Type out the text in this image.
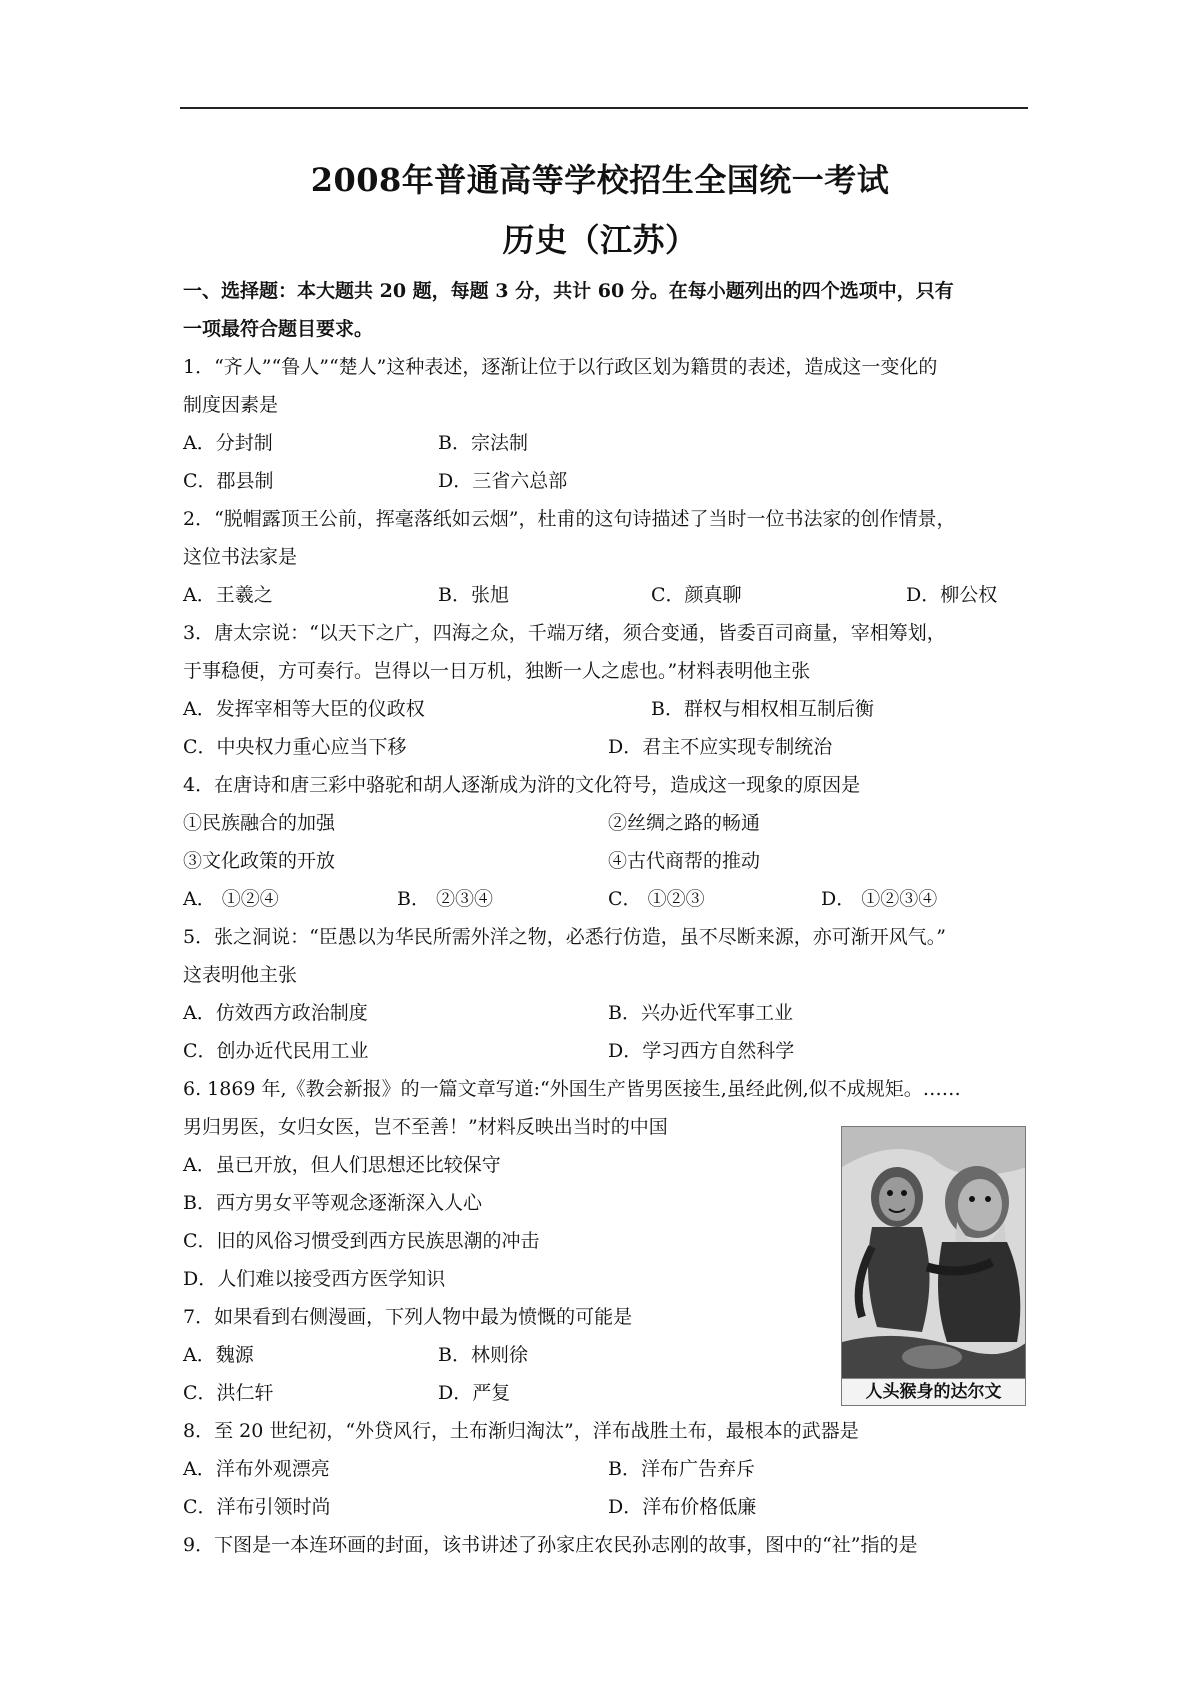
2008年普通高等学校招生全国统一考试
历史（江苏）
一、选择题：本大题共 20 题，每题 3 分，共计 60 分。在每小题列出的四个选项中，只有
一项最符合题目要求。
1．“齐人”“鲁人”“楚人”这种表述，逐渐让位于以行政区划为籍贯的表述，造成这一变化的
制度因素是
A．分封制	B．宗法制
C．郡县制	D．三省六总部
2．“脱帽露顶王公前，挥毫落纸如云烟”，杜甫的这句诗描述了当时一位书法家的创作情景，
这位书法家是
A．王羲之	B．张旭	C．颜真聊	D．柳公权
3．唐太宗说：“以天下之广，四海之众，千端万绪，须合变通，皆委百司商量，宰相筹划，
于事稳便，方可奏行。岂得以一日万机，独断一人之虑也。”材料表明他主张
A．发挥宰相等大臣的仪政权	B．群权与相权相互制后衡
C．中央权力重心应当下移	D．君主不应实现专制统治
4．在唐诗和唐三彩中骆驼和胡人逐渐成为浒的文化符号，造成这一现象的原因是
①民族融合的加强	②丝绸之路的畅通
③文化政策的开放	④古代商帮的推动
A． ①②④	B． ②③④	C． ①②③	D． ①②③④
5．张之洞说：“臣愚以为华民所需外洋之物，必悉行仿造，虽不尽断来源，亦可渐开风气。”
这表明他主张
A．仿效西方政治制度	B．兴办近代军事工业
C．创办近代民用工业	D．学习西方自然科学
6. 1869 年,《教会新报》的一篇文章写道:“外国生产皆男医接生,虽经此例,似不成规矩。……
男归男医，女归女医，岂不至善！”材料反映出当时的中国
A．虽已开放，但人们思想还比较保守
B．西方男女平等观念逐渐深入人心
C．旧的风俗习惯受到西方民族思潮的冲击
D．人们难以接受西方医学知识
7．如果看到右侧漫画，下列人物中最为愤慨的可能是
A．魏源	B．林则徐
C．洪仁轩	D．严复	人头猴身的达尔文
8．至 20 世纪初，“外贷风行，土布渐归淘汰”，洋布战胜土布，最根本的武器是
A．洋布外观漂亮	B．洋布广告弃斥
C．洋布引领时尚	D．洋布价格低廉
9．下图是一本连环画的封面，该书讲述了孙家庄农民孙志刚的故事，图中的“社”指的是
